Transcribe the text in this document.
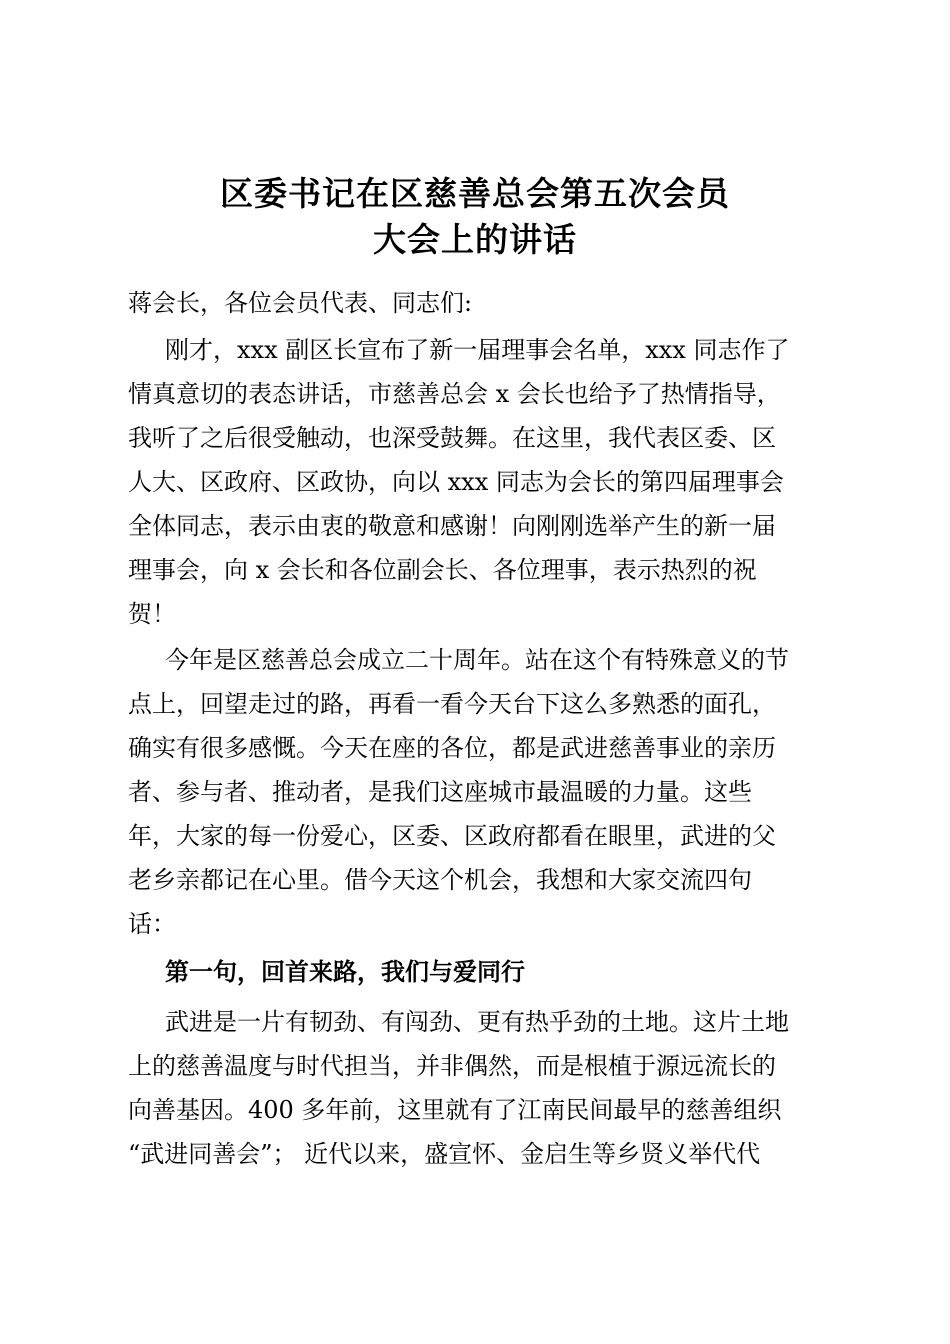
区委书记在区慈善总会第五次会员
大会上的讲话

蒋会长，各位会员代表、同志们:

刚才，xxx 副区长宣布了新一届理事会名单，xxx 同志作了

情真意切的表态讲话，市慈善总会 x 会长也给予了热情指导，

我听了之后很受触动，也深受鼓舞。在这里，我代表区委、区

人大、区政府、区政协，向以 xxx 同志为会长的第四届理事会

全体同志，表示由衷的敬意和感谢！向刚刚选举产生的新一届

理事会，向 x 会长和各位副会长、各位理事，表示热烈的祝

贺！

今年是区慈善总会成立二十周年。站在这个有特殊意义的节

点上，回望走过的路，再看一看今天台下这么多熟悉的面孔，

确实有很多感慨。今天在座的各位，都是武进慈善事业的亲历

者、参与者、推动者，是我们这座城市最温暖的力量。这些

年，大家的每一份爱心，区委、区政府都看在眼里，武进的父

老乡亲都记在心里。借今天这个机会，我想和大家交流四句

话：

第一句，回首来路，我们与爱同行

武进是一片有韧劲、有闯劲、更有热乎劲的土地。这片土地

上的慈善温度与时代担当，并非偶然，而是根植于源远流长的

向善基因。400 多年前，这里就有了江南民间最早的慈善组织

“武进同善会”； 近代以来，盛宣怀、金启生等乡贤义举代代
